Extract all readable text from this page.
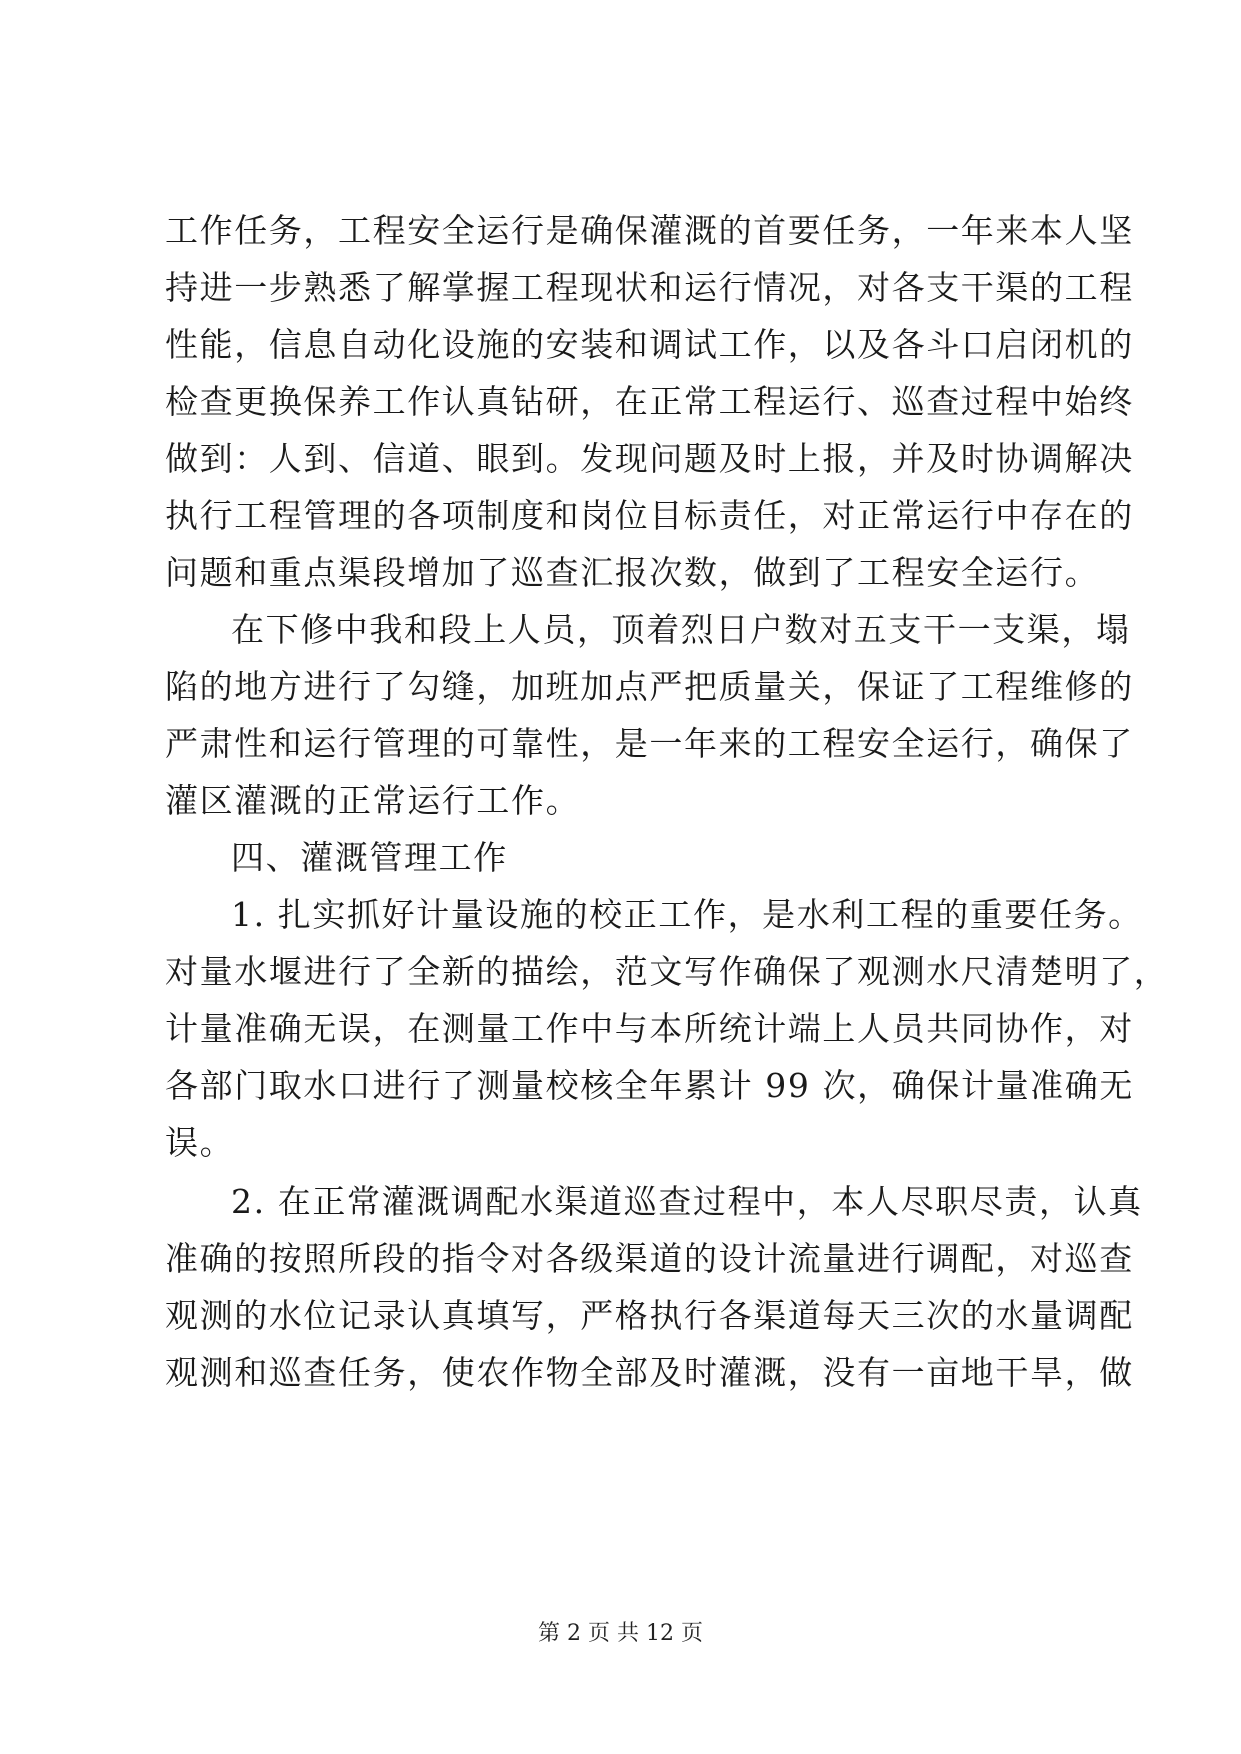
工作任务，工程安全运行是确保灌溉的首要任务，一年来本人坚
持进一步熟悉了解掌握工程现状和运行情况，对各支干渠的工程
性能，信息自动化设施的安装和调试工作，以及各斗口启闭机的
检查更换保养工作认真钻研，在正常工程运行、巡查过程中始终
做到：人到、信道、眼到。发现问题及时上报，并及时协调解决
执行工程管理的各项制度和岗位目标责任，对正常运行中存在的
问题和重点渠段增加了巡查汇报次数，做到了工程安全运行。
在下修中我和段上人员，顶着烈日户数对五支干一支渠，塌
陷的地方进行了勾缝，加班加点严把质量关，保证了工程维修的
严肃性和运行管理的可靠性，是一年来的工程安全运行，确保了
灌区灌溉的正常运行工作。
四、灌溉管理工作
1. 扎实抓好计量设施的校正工作，是水利工程的重要任务。
对量水堰进行了全新的描绘，范文写作确保了观测水尺清楚明了，
计量准确无误，在测量工作中与本所统计端上人员共同协作，对
各部门取水口进行了测量校核全年累计 99 次，确保计量准确无
误。
2. 在正常灌溉调配水渠道巡查过程中，本人尽职尽责，认真
准确的按照所段的指令对各级渠道的设计流量进行调配，对巡查
观测的水位记录认真填写，严格执行各渠道每天三次的水量调配
观测和巡查任务，使农作物全部及时灌溉，没有一亩地干旱，做
第 2 页 共 12 页
